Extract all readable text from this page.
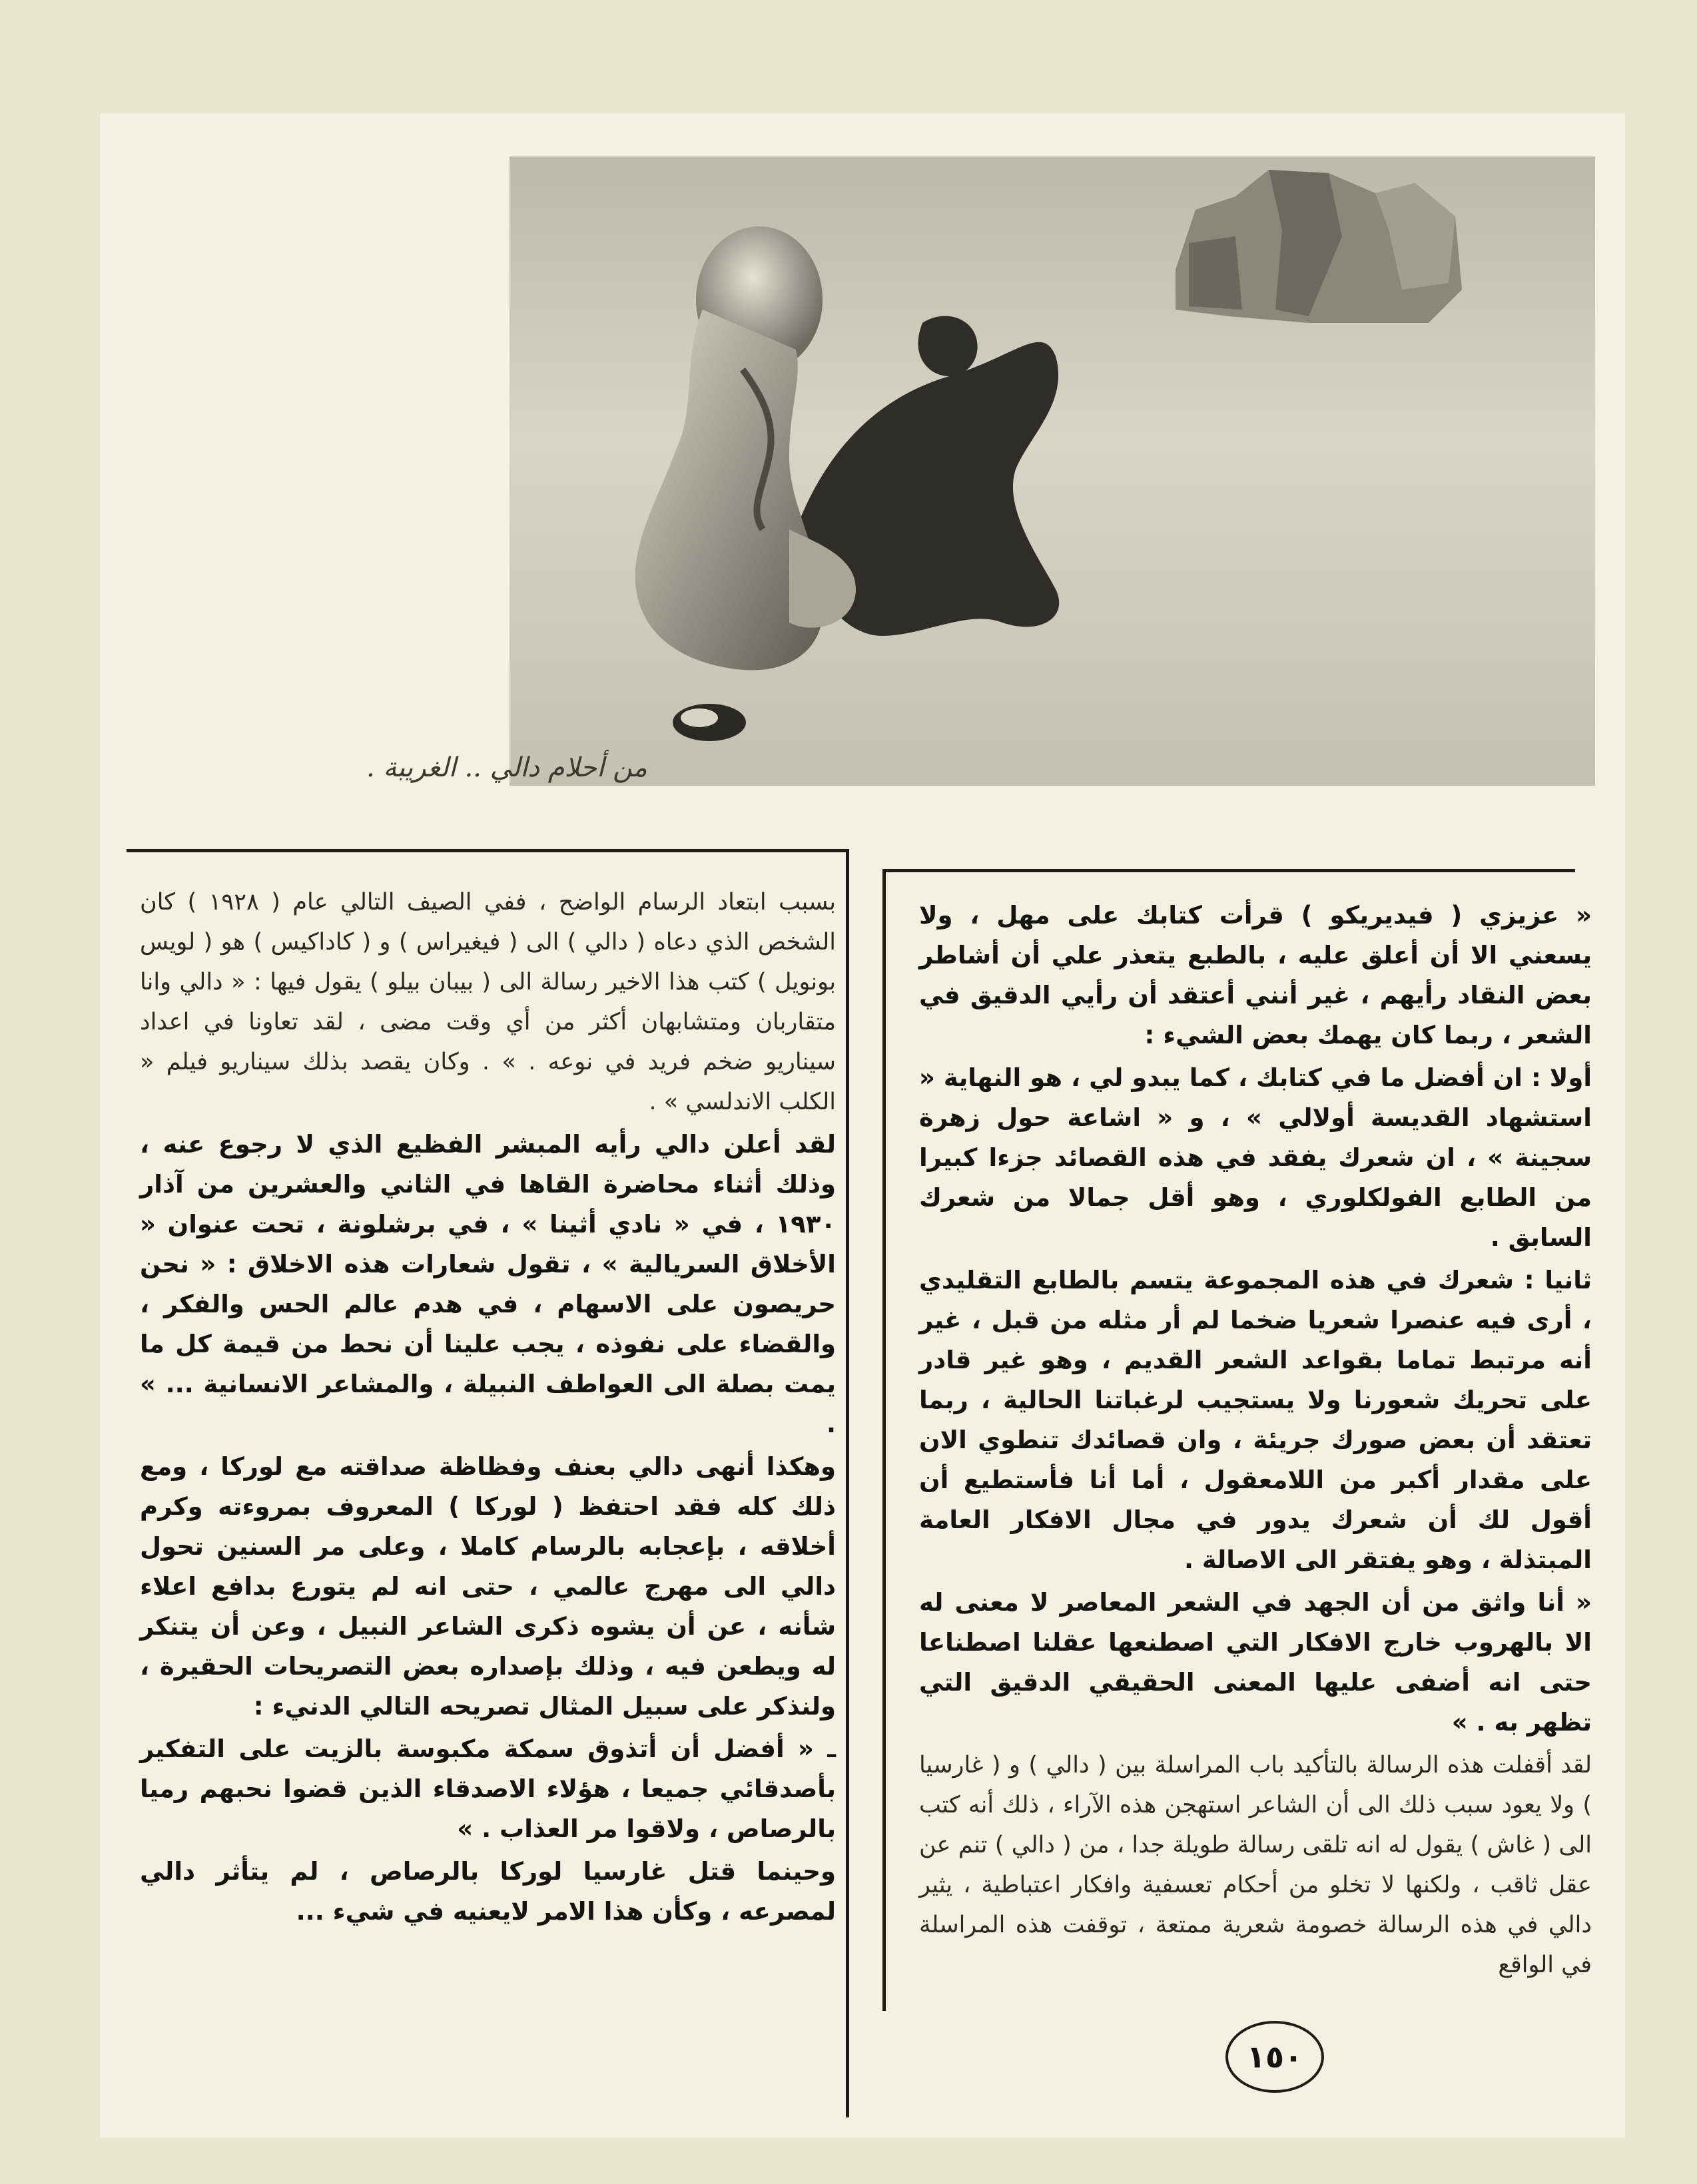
من أحلام دالي .. الغريبة .

« عزيزي ( فيديريكو ) قرأت كتابك على مهل ، ولا يسعني الا أن أعلق عليه ، بالطبع يتعذر علي أن أشاطر بعض النقاد رأيهم ، غير أنني أعتقد أن رأيي الدقيق في الشعر ، ربما كان يهمك بعض الشيء :

أولا : ان أفضل ما في كتابك ، كما يبدو لي ، هو النهاية « استشهاد القديسة أولالي » ، و « اشاعة حول زهرة سجينة » ، ان شعرك يفقد في هذه القصائد جزءا كبيرا من الطابع الفولكلوري ، وهو أقل جمالا من شعرك السابق .

ثانيا : شعرك في هذه المجموعة يتسم بالطابع التقليدي ، أرى فيه عنصرا شعريا ضخما لم أر مثله من قبل ، غير أنه مرتبط تماما بقواعد الشعر القديم ، وهو غير قادر على تحريك شعورنا ولا يستجيب لرغباتنا الحالية ، ربما تعتقد أن بعض صورك جريئة ، وان قصائدك تنطوي الان على مقدار أكبر من اللامعقول ، أما أنا فأستطيع أن أقول لك أن شعرك يدور في مجال الافكار العامة المبتذلة ، وهو يفتقر الى الاصالة .

« أنا واثق من أن الجهد في الشعر المعاصر لا معنى له الا بالهروب خارج الافكار التي اصطنعها عقلنا اصطناعا حتى انه أضفى عليها المعنى الحقيقي الدقيق التي تظهر به . »

لقد أقفلت هذه الرسالة بالتأكيد باب المراسلة بين ( دالي ) و ( غارسيا ) ولا يعود سبب ذلك الى أن الشاعر استهجن هذه الآراء ، ذلك أنه كتب الى ( غاش ) يقول له انه تلقى رسالة طويلة جدا ، من ( دالي ) تنم عن عقل ثاقب ، ولكنها لا تخلو من أحكام تعسفية وافكار اعتباطية ، يثير دالي في هذه الرسالة خصومة شعرية ممتعة ، توقفت هذه المراسلة في الواقع

بسبب ابتعاد الرسام الواضح ، ففي الصيف التالي عام ( ١٩٢٨ ) كان الشخص الذي دعاه ( دالي ) الى ( فيغيراس ) و ( كاداكيس ) هو ( لويس بونويل ) كتب هذا الاخير رسالة الى ( بيبان بيلو ) يقول فيها : « دالي وانا متقاربان ومتشابهان أكثر من أي وقت مضى ، لقد تعاونا في اعداد سيناريو ضخم فريد في نوعه . » . وكان يقصد بذلك سيناريو فيلم « الكلب الاندلسي » .

لقد أعلن دالي رأيه المبشر الفظيع الذي لا رجوع عنه ، وذلك أثناء محاضرة القاها في الثاني والعشرين من آذار ١٩٣٠ ، في « نادي أثينا » ، في برشلونة ، تحت عنوان « الأخلاق السريالية » ، تقول شعارات هذه الاخلاق : « نحن حريصون على الاسهام ، في هدم عالم الحس والفكر ، والقضاء على نفوذه ، يجب علينا أن نحط من قيمة كل ما يمت بصلة الى العواطف النبيلة ، والمشاعر الانسانية ... » .

وهكذا أنهى دالي بعنف وفظاظة صداقته مع لوركا ، ومع ذلك كله فقد احتفظ ( لوركا ) المعروف بمروءته وكرم أخلاقه ، بإعجابه بالرسام كاملا ، وعلى مر السنين تحول دالي الى مهرج عالمي ، حتى انه لم يتورع بدافع اعلاء شأنه ، عن أن يشوه ذكرى الشاعر النبيل ، وعن أن يتنكر له ويطعن فيه ، وذلك بإصداره بعض التصريحات الحقيرة ، ولنذكر على سبيل المثال تصريحه التالي الدنيء :

ـ « أفضل أن أتذوق سمكة مكبوسة بالزيت على التفكير بأصدقائي جميعا ، هؤلاء الاصدقاء الذين قضوا نحبهم رميا بالرصاص ، ولاقوا مر العذاب . »

وحينما قتل غارسيا لوركا بالرصاص ، لم يتأثر دالي لمصرعه ، وكأن هذا الامر لايعنيه في شيء ...

١٥٠
